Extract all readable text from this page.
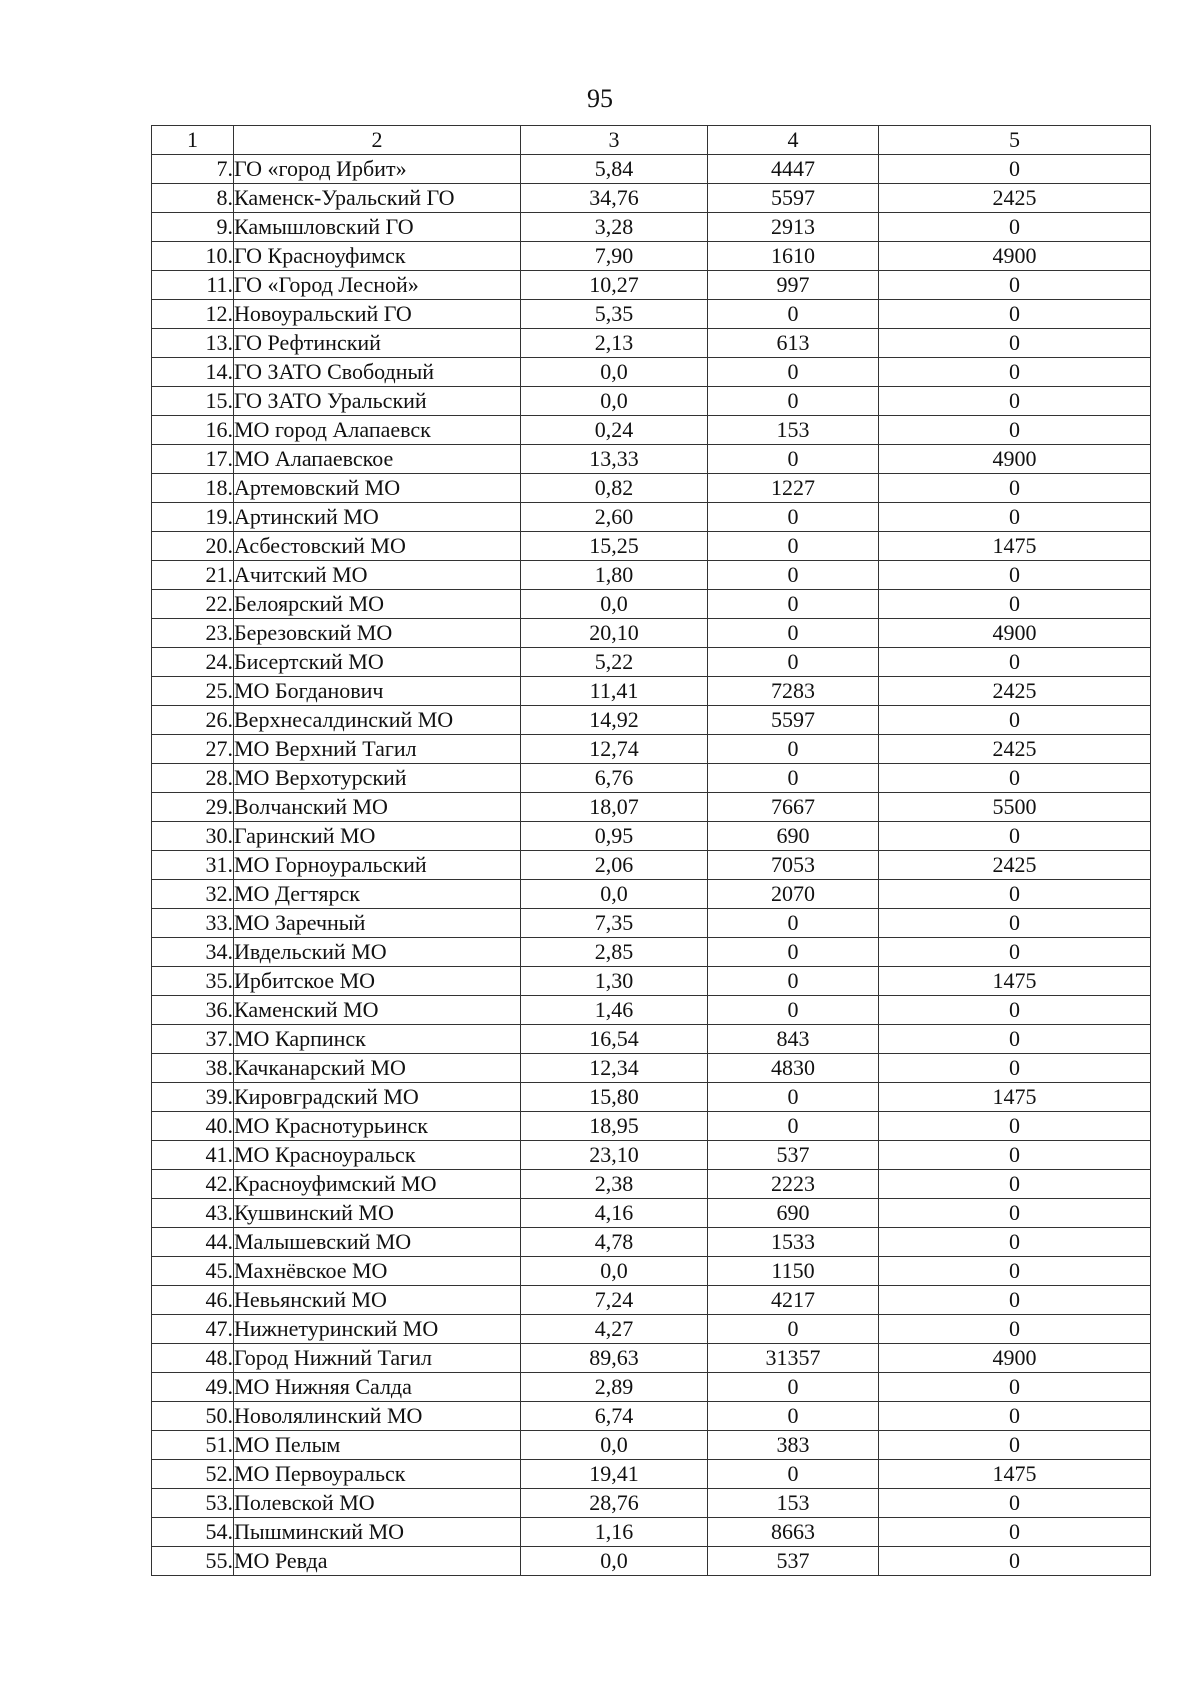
95
1	2	3	4	5
7.	ГО «город Ирбит»	5,84	4447	0
8.	Каменск-Уральский ГО	34,76	5597	2425
9.	Камышловский ГО	3,28	2913	0
10.	ГО Красноуфимск	7,90	1610	4900
11.	ГО «Город Лесной»	10,27	997	0
12.	Новоуральский ГО	5,35	0	0
13.	ГО Рефтинский	2,13	613	0
14.	ГО ЗАТО Свободный	0,0	0	0
15.	ГО ЗАТО Уральский	0,0	0	0
16.	МО город Алапаевск	0,24	153	0
17.	МО Алапаевское	13,33	0	4900
18.	Артемовский МО	0,82	1227	0
19.	Артинский МО	2,60	0	0
20.	Асбестовский МО	15,25	0	1475
21.	Ачитский МО	1,80	0	0
22.	Белоярский МО	0,0	0	0
23.	Березовский МО	20,10	0	4900
24.	Бисертский МО	5,22	0	0
25.	МО Богданович	11,41	7283	2425
26.	Верхнесалдинский МО	14,92	5597	0
27.	МО Верхний Тагил	12,74	0	2425
28.	МО Верхотурский	6,76	0	0
29.	Волчанский МО	18,07	7667	5500
30.	Гаринский МО	0,95	690	0
31.	МО Горноуральский	2,06	7053	2425
32.	МО Дегтярск	0,0	2070	0
33.	МО Заречный	7,35	0	0
34.	Ивдельский МО	2,85	0	0
35.	Ирбитское МО	1,30	0	1475
36.	Каменский МО	1,46	0	0
37.	МО Карпинск	16,54	843	0
38.	Качканарский МО	12,34	4830	0
39.	Кировградский МО	15,80	0	1475
40.	МО Краснотурьинск	18,95	0	0
41.	МО Красноуральск	23,10	537	0
42.	Красноуфимский МО	2,38	2223	0
43.	Кушвинский МО	4,16	690	0
44.	Малышевский МО	4,78	1533	0
45.	Махнёвское МО	0,0	1150	0
46.	Невьянский МО	7,24	4217	0
47.	Нижнетуринский МО	4,27	0	0
48.	Город Нижний Тагил	89,63	31357	4900
49.	МО Нижняя Салда	2,89	0	0
50.	Новолялинский МО	6,74	0	0
51.	МО Пелым	0,0	383	0
52.	МО Первоуральск	19,41	0	1475
53.	Полевской МО	28,76	153	0
54.	Пышминский МО	1,16	8663	0
55.	МО Ревда	0,0	537	0
